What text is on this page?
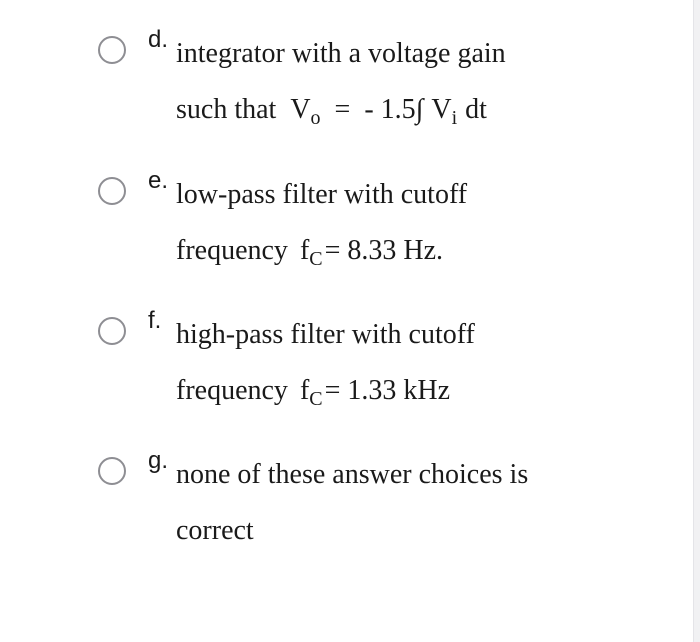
d. integrator with a voltage gain
such that $V_o$ = - 1.5∫ $V_i$ dt
e. low-pass filter with cutoff
frequency $f_C= 8.33$ Hz.
f. high-pass filter with cutoff
frequency $f_C= 1.33$ kHz
g. none of these answer choices is
correct
